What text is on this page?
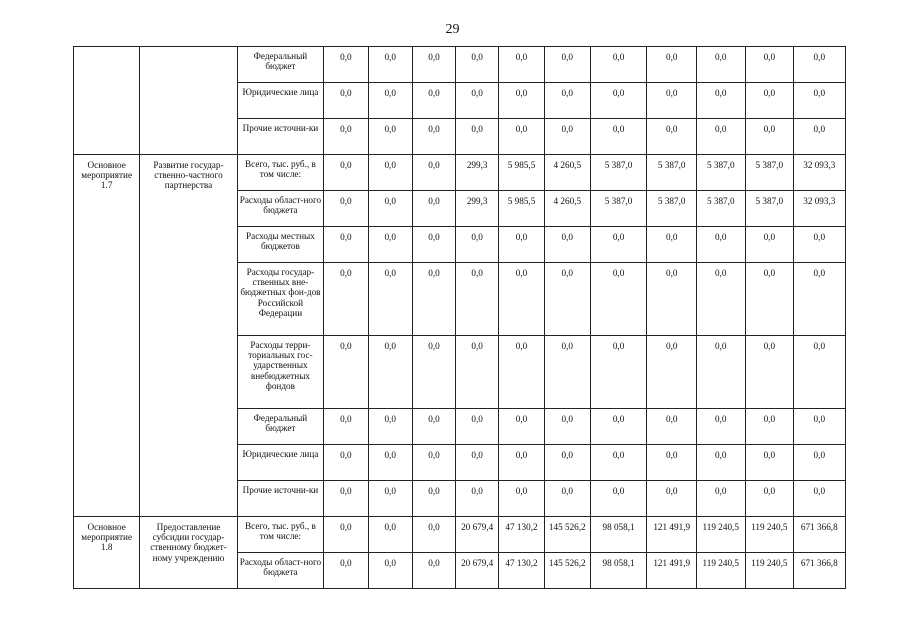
29
		Федеральный бюджет	0,0	0,0	0,0	0,0	0,0	0,0	0,0	0,0	0,0	0,0	0,0
		Юридические лица	0,0	0,0	0,0	0,0	0,0	0,0	0,0	0,0	0,0	0,0	0,0
		Прочие источни-ки	0,0	0,0	0,0	0,0	0,0	0,0	0,0	0,0	0,0	0,0	0,0
Основное мероприятие 1.7	Развитие государ-ственно-частного партнерства	Всего, тыс. руб., в том числе:	0,0	0,0	0,0	299,3	5 985,5	4 260,5	5 387,0	5 387,0	5 387,0	5 387,0	32 093,3
		Расходы област-ного бюджета	0,0	0,0	0,0	299,3	5 985,5	4 260,5	5 387,0	5 387,0	5 387,0	5 387,0	32 093,3
		Расходы местных бюджетов	0,0	0,0	0,0	0,0	0,0	0,0	0,0	0,0	0,0	0,0	0,0
		Расходы государ-ственных вне-бюджетных фон-дов Российской Федерации	0,0	0,0	0,0	0,0	0,0	0,0	0,0	0,0	0,0	0,0	0,0
		Расходы терри-ториальных гос-ударственных внебюджетных фондов	0,0	0,0	0,0	0,0	0,0	0,0	0,0	0,0	0,0	0,0	0,0
		Федеральный бюджет	0,0	0,0	0,0	0,0	0,0	0,0	0,0	0,0	0,0	0,0	0,0
		Юридические лица	0,0	0,0	0,0	0,0	0,0	0,0	0,0	0,0	0,0	0,0	0,0
		Прочие источни-ки	0,0	0,0	0,0	0,0	0,0	0,0	0,0	0,0	0,0	0,0	0,0
Основное мероприятие 1.8	Предоставление субсидии государ-ственному бюджет-ному учреждению	Всего, тыс. руб., в том числе:	0,0	0,0	0,0	20 679,4	47 130,2	145 526,2	98 058,1	121 491,9	119 240,5	119 240,5	671 366,8
		Расходы област-ного бюджета	0,0	0,0	0,0	20 679,4	47 130,2	145 526,2	98 058,1	121 491,9	119 240,5	119 240,5	671 366,8
